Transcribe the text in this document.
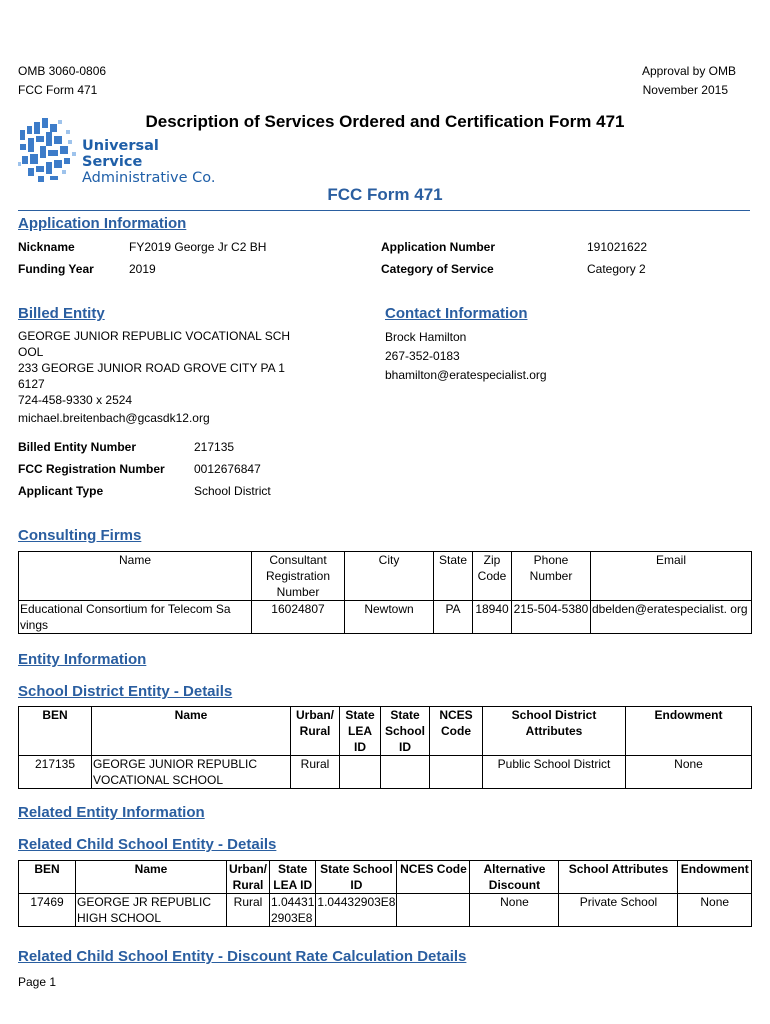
OMB 3060-0806
FCC Form 471
Approval by OMB
November 2015
Description of Services Ordered and Certification Form 471
Universal Service
Administrative Co.
FCC Form 471
Application Information
Nickname	FY2019 George Jr C2 BH
Funding Year	2019
Application Number	191021622
Category of Service	Category 2
Billed Entity
GEORGE JUNIOR REPUBLIC VOCATIONAL SCH
OOL
233 GEORGE JUNIOR ROAD GROVE CITY PA 1
6127
724-458-9330 x 2524
michael.breitenbach@gcasdk12.org
Billed Entity Number	217135
FCC Registration Number 0012676847
Applicant Type	School District
Contact Information
Brock Hamilton
267-352-0183
bhamilton@eratespecialist.org
Consulting Firms
Name	Consultant Registration Number	City	State	Zip Code	Phone Number	Email
Educational Consortium for Telecom Sa vings	16024807	Newtown	PA	18940	215-504-5380	dbelden@eratespecialist. org
Entity Information
School District Entity - Details
BEN	Name	Urban/ Rural	State LEA ID	State School ID	NCES Code	School District Attributes	Endowment
217135	GEORGE JUNIOR REPUBLIC VOCATIONAL SCHOOL	Rural				Public School District	None
Related Entity Information
Related Child School Entity - Details
BEN	Name	Urban/ Rural	State LEA ID	State School ID	NCES Code	Alternative Discount	School Attributes	Endowment
17469	GEORGE JR REPUBLIC HIGH SCHOOL	Rural	1.04431 2903E8	1.04432903E8		None	Private School	None
Related Child School Entity - Discount Rate Calculation Details
Page 1
